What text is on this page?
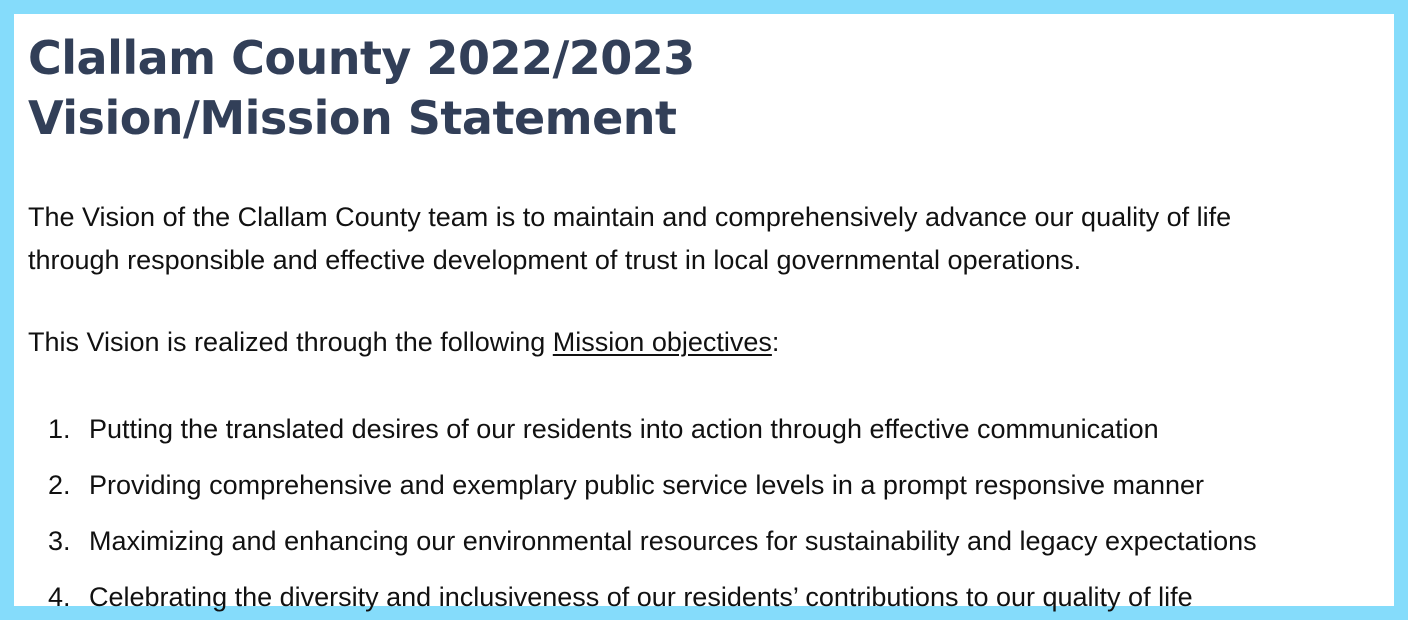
Clallam County 2022/2023
Vision/Mission Statement

The Vision of the Clallam County team is to maintain and comprehensively advance our quality of life
through responsible and effective development of trust in local governmental operations.

This Vision is realized through the following Mission objectives:

1. Putting the translated desires of our residents into action through effective communication
2. Providing comprehensive and exemplary public service levels in a prompt responsive manner
3. Maximizing and enhancing our environmental resources for sustainability and legacy expectations
4. Celebrating the diversity and inclusiveness of our residents’ contributions to our quality of life
